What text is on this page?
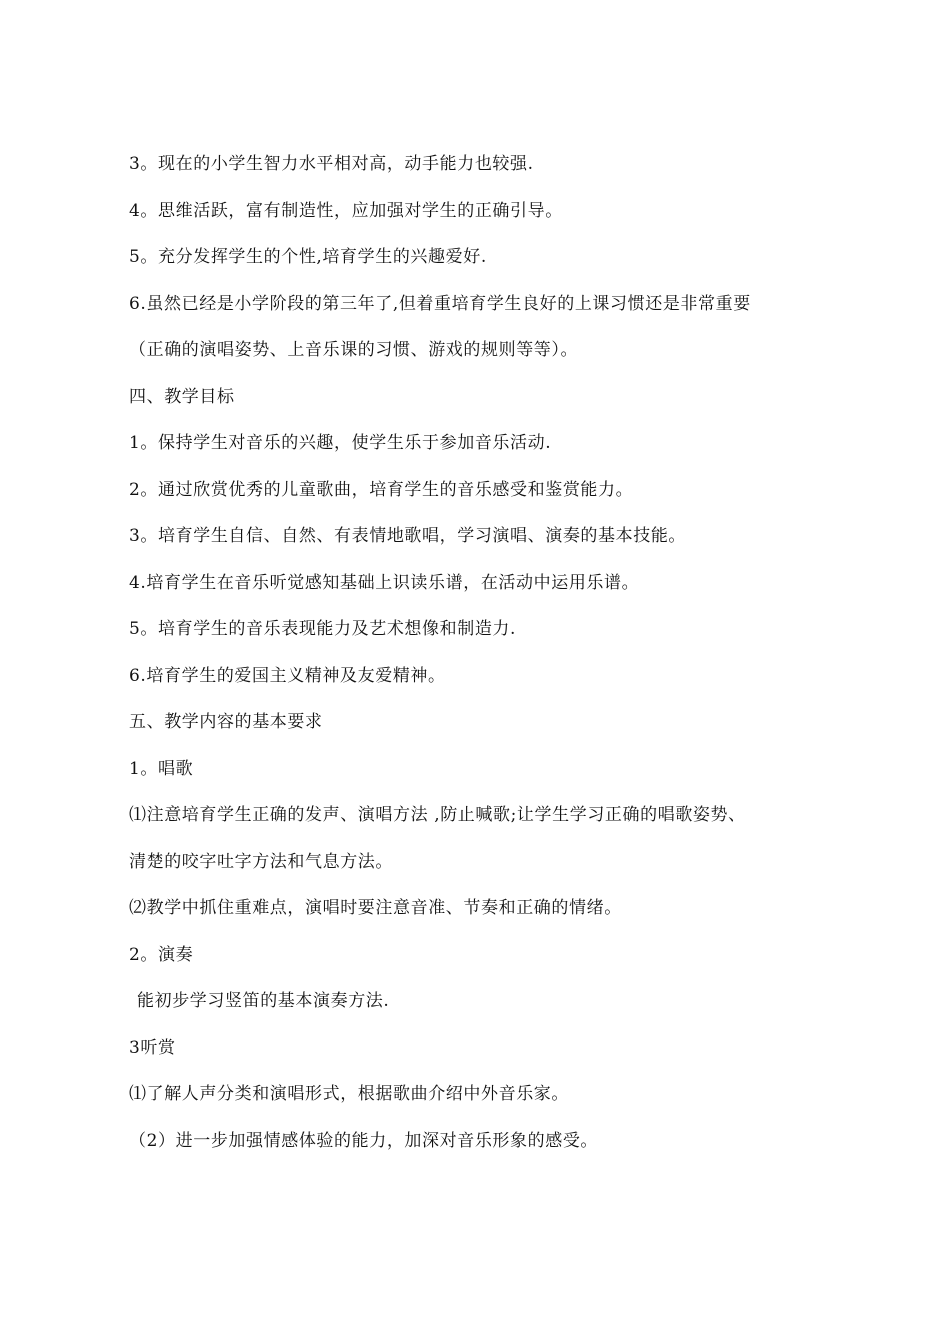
3。现在的小学生智力水平相对高，动手能力也较强.
4。思维活跃，富有制造性，应加强对学生的正确引导。
5。充分发挥学生的个性,培育学生的兴趣爱好.
6.虽然已经是小学阶段的第三年了,但着重培育学生良好的上课习惯还是非常重要
（正确的演唱姿势、上音乐课的习惯、游戏的规则等等）。
四、教学目标
1。保持学生对音乐的兴趣，使学生乐于参加音乐活动.
2。通过欣赏优秀的儿童歌曲，培育学生的音乐感受和鉴赏能力。
3。培育学生自信、自然、有表情地歌唱，学习演唱、演奏的基本技能。
4.培育学生在音乐听觉感知基础上识读乐谱，在活动中运用乐谱。
5。培育学生的音乐表现能力及艺术想像和制造力.
6.培育学生的爱国主义精神及友爱精神。
五、教学内容的基本要求
1。唱歌
⑴注意培育学生正确的发声、演唱方法 ,防止喊歌;让学生学习正确的唱歌姿势、
清楚的咬字吐字方法和气息方法。
⑵教学中抓住重难点，演唱时要注意音准、节奏和正确的情绪。
2。演奏
能初步学习竖笛的基本演奏方法.
3听赏
⑴了解人声分类和演唱形式，根据歌曲介绍中外音乐家。
（2）进一步加强情感体验的能力，加深对音乐形象的感受。
